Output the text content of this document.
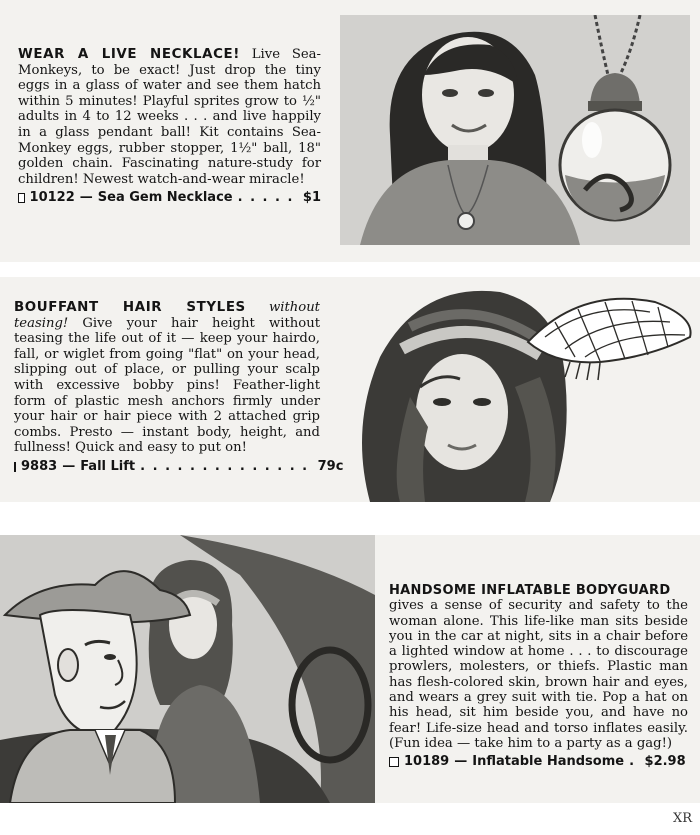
WEAR A LIVE NECKLACE! Live Sea-Monkeys, to be exact! Just drop the tiny eggs in a glass of water and see them hatch within 5 minutes! Playful sprites grow to ½" adults in 4 to 12 weeks . . . and live happily in a glass pendant ball! Kit contains Sea-Monkey eggs, rubber stopper, 1½" ball, 18" golden chain. Fascinating nature-study for children! Newest watch-and-wear miracle!
10122 — Sea Gem Necklace . . . . . $1
BOUFFANT HAIR STYLES without teasing! Give your hair height without teasing the life out of it — keep your hairdo, fall, or wiglet from going "flat" on your head, slipping out of place, or pulling your scalp with excessive bobby pins! Feather-light form of plastic mesh anchors firmly under your hair or hair piece with 2 attached grip combs. Presto — instant body, height, and fullness! Quick and easy to put on!
9883 — Fall Lift . . . . . . . . . . . . . . 79c
HANDSOME INFLATABLE BODYGUARD
gives a sense of security and safety to the woman alone. This life-like man sits beside you in the car at night, sits in a chair before a lighted window at home . . . to discourage prowlers, molesters, or thiefs. Plastic man has flesh-colored skin, brown hair and eyes, and wears a grey suit with tie. Pop a hat on his head, sit him beside you, and have no fear! Life-size head and torso inflates easily. (Fun idea — take him to a party as a gag!)
10189 — Inflatable Handsome . $2.98
XR
